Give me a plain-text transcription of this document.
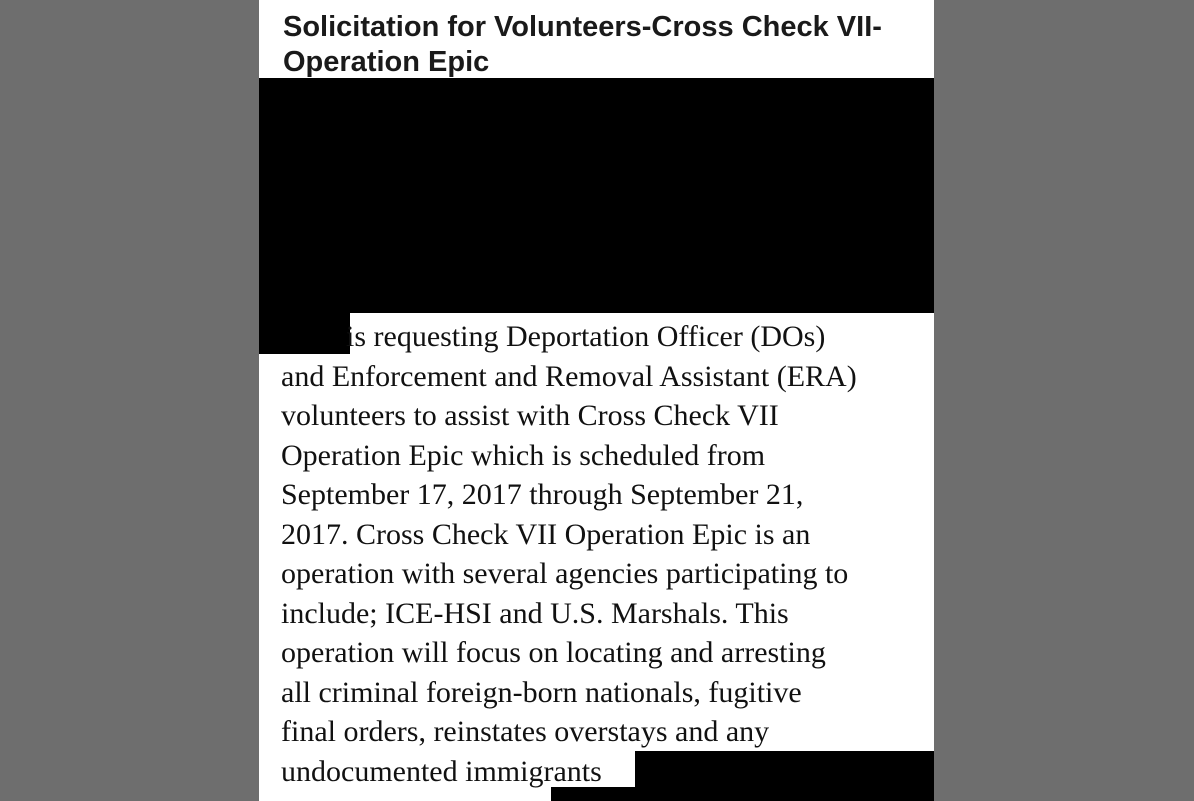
Solicitation for Volunteers-Cross Check VII-Operation Epic
is requesting Deportation Officer (DOs)
and Enforcement and Removal Assistant (ERA)
volunteers to assist with Cross Check VII
Operation Epic which is scheduled from
September 17, 2017 through September 21,
2017. Cross Check VII Operation Epic is an
operation with several agencies participating to
include; ICE-HSI and U.S. Marshals. This
operation will focus on locating and arresting
all criminal foreign-born nationals, fugitive
final orders, reinstates overstays and any
undocumented immigrants
